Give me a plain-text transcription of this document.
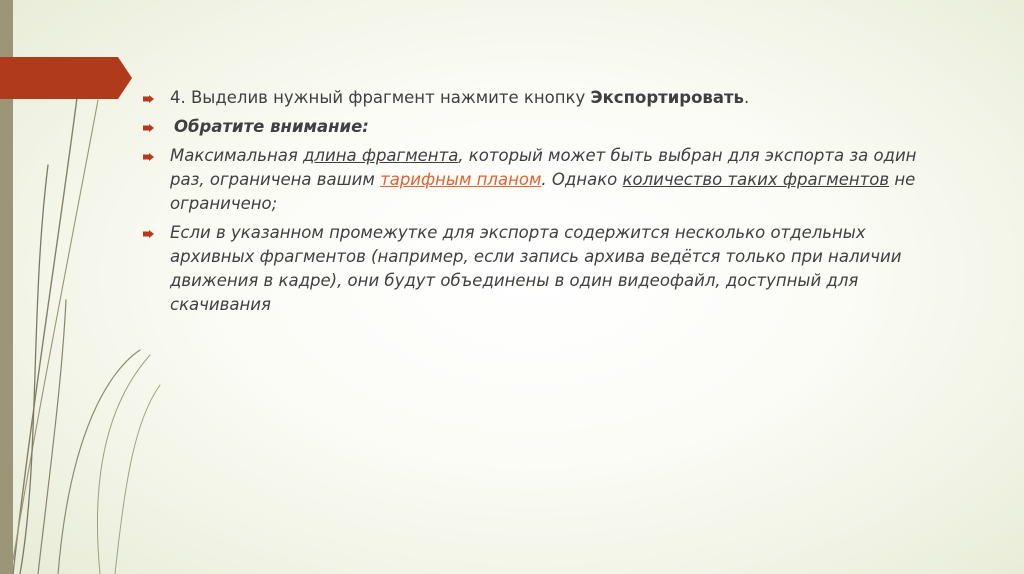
4. Выделив нужный фрагмент нажмите кнопку Экспортировать.
Обратите внимание:
Максимальная длина фрагмента, который может быть выбран для экспорта за один раз, ограничена вашим тарифным планом. Однако количество таких фрагментов не ограничено;
Если в указанном промежутке для экспорта содержится несколько отдельных архивных фрагментов (например, если запись архива ведётся только при наличии движения в кадре), они будут объединены в один видеофайл, доступный для скачивания
